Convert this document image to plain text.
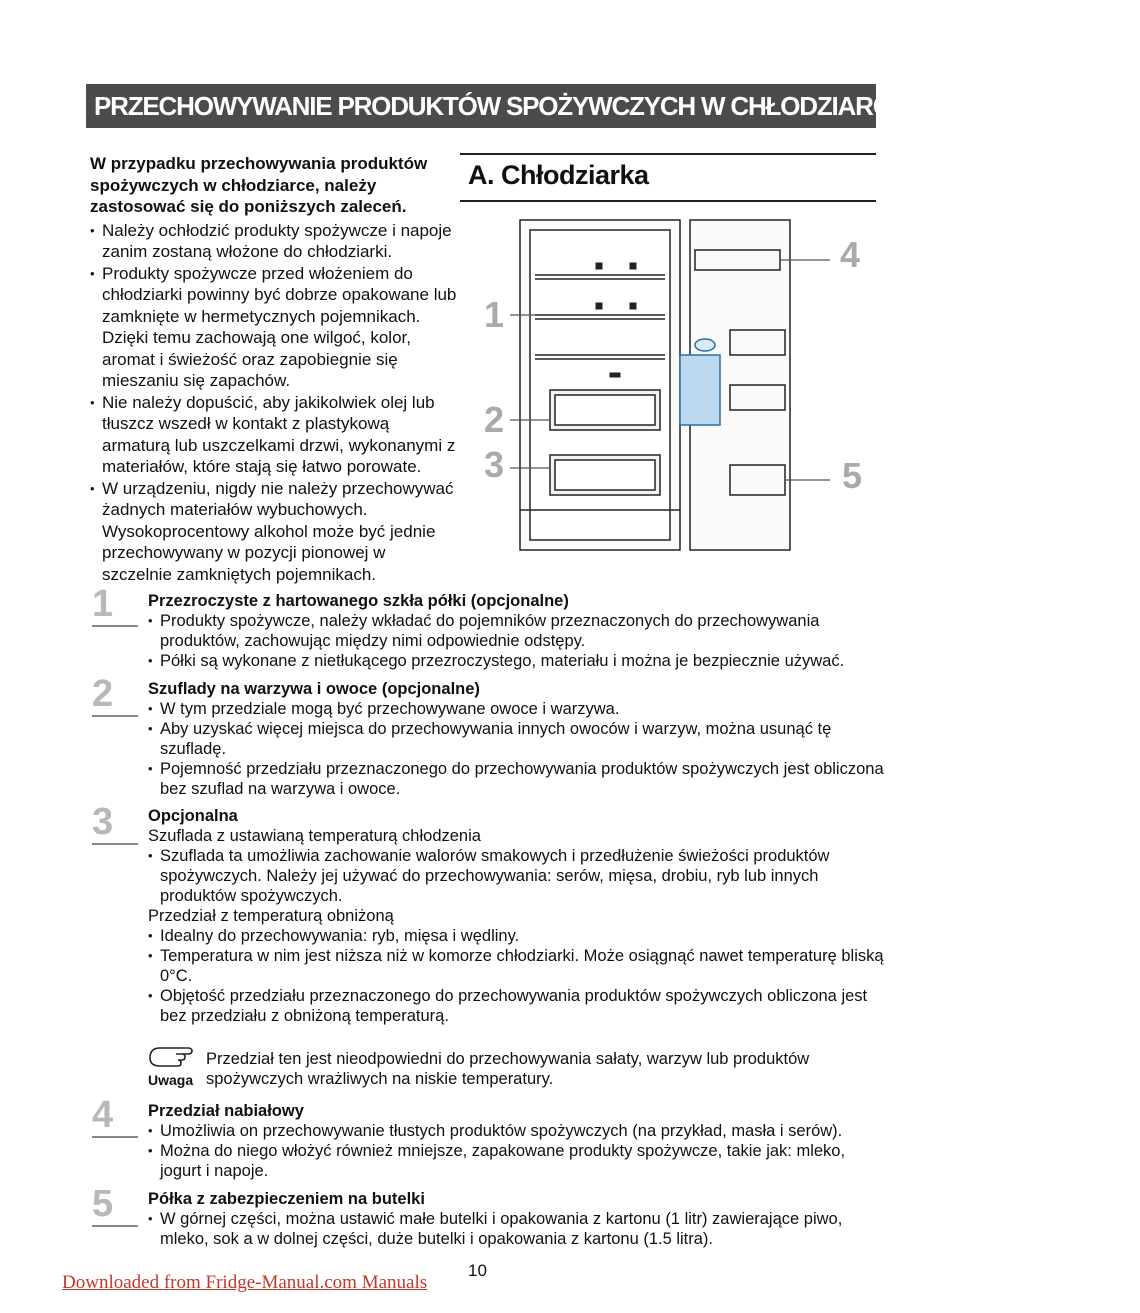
PRZECHOWYWANIE PRODUKTÓW SPOŻYWCZYCH W CHŁODZIARCE LUB ZAMRAŻARCE
W przypadku przechowywania produktów spożywczych w chłodziarce, należy zastosować się do poniższych zaleceń.
• Należy ochłodzić produkty spożywcze i napoje zanim zostaną włożone do chłodziarki.
• Produkty spożywcze przed włożeniem do chłodziarki powinny być dobrze opakowane lub zamknięte w hermetycznych pojemnikach. Dzięki temu zachowają one wilgoć, kolor, aromat i świeżość oraz zapobiegnie się mieszaniu się zapachów.
• Nie należy dopuścić, aby jakikolwiek olej lub tłuszcz wszedł w kontakt z plastykową armaturą lub uszczelkami drzwi, wykonanymi z materiałów, które stają się łatwo porowate.
• W urządzeniu, nigdy nie należy przechowywać żadnych materiałów wybuchowych.

Wysokoprocentowy alkohol może być jednie przechowywany w pozycji pionowej w szczelnie zamkniętych pojemnikach.

A. Chłodziarka
1
2
3
4
5
1	Przezroczyste z hartowanego szkła półki (opcjonalne)
• Produkty spożywcze, należy wkładać do pojemników przeznaczonych do przechowywania produktów, zachowując między nimi odpowiednie odstępy.
• Półki są wykonane z nietłukącego przezroczystego, materiału i można je bezpiecznie używać.
2	Szuflady na warzywa i owoce (opcjonalne)
• W tym przedziale mogą być przechowywane owoce i warzywa.
• Aby uzyskać więcej miejsca do przechowywania innych owoców i warzyw, można usunąć tę szufladę.
• Pojemność przedziału przeznaczonego do przechowywania produktów spożywczych jest obliczona bez szuflad na warzywa i owoce.
3	Opcjonalna

Szuflada z ustawianą temperaturą chłodzenia

• Szuflada ta umożliwia zachowanie walorów smakowych i przedłużenie świeżości produktów spożywczych. Należy jej używać do przechowywania: serów, mięsa, drobiu, ryb lub innych produktów spożywczych.

Przedział z temperaturą obniżoną

• Idealny do przechowywania: ryb, mięsa i wędliny.
• Temperatura w nim jest niższa niż w komorze chłodziarki. Może osiągnąć nawet temperaturę bliską 0°C.
• Objętość przedziału przeznaczonego do przechowywania produktów spożywczych obliczona jest bez przedziału z obniżoną temperaturą.
Uwaga
Przedział ten jest nieodpowiedni do przechowywania sałaty, warzyw lub produktów spożywczych wrażliwych na niskie temperatury.
4	Przedział nabiałowy
• Umożliwia on przechowywanie tłustych produktów spożywczych (na przykład, masła i serów).
• Można do niego włożyć również mniejsze, zapakowane produkty spożywcze, takie jak: mleko, jogurt i napoje.
5	Półka z zabezpieczeniem na butelki
• W górnej części, można ustawić małe butelki i opakowania z kartonu (1 litr) zawierające piwo, mleko, sok a w dolnej części, duże butelki i opakowania z kartonu (1.5 litra).
Downloaded from Fridge-Manual.com Manuals
10
